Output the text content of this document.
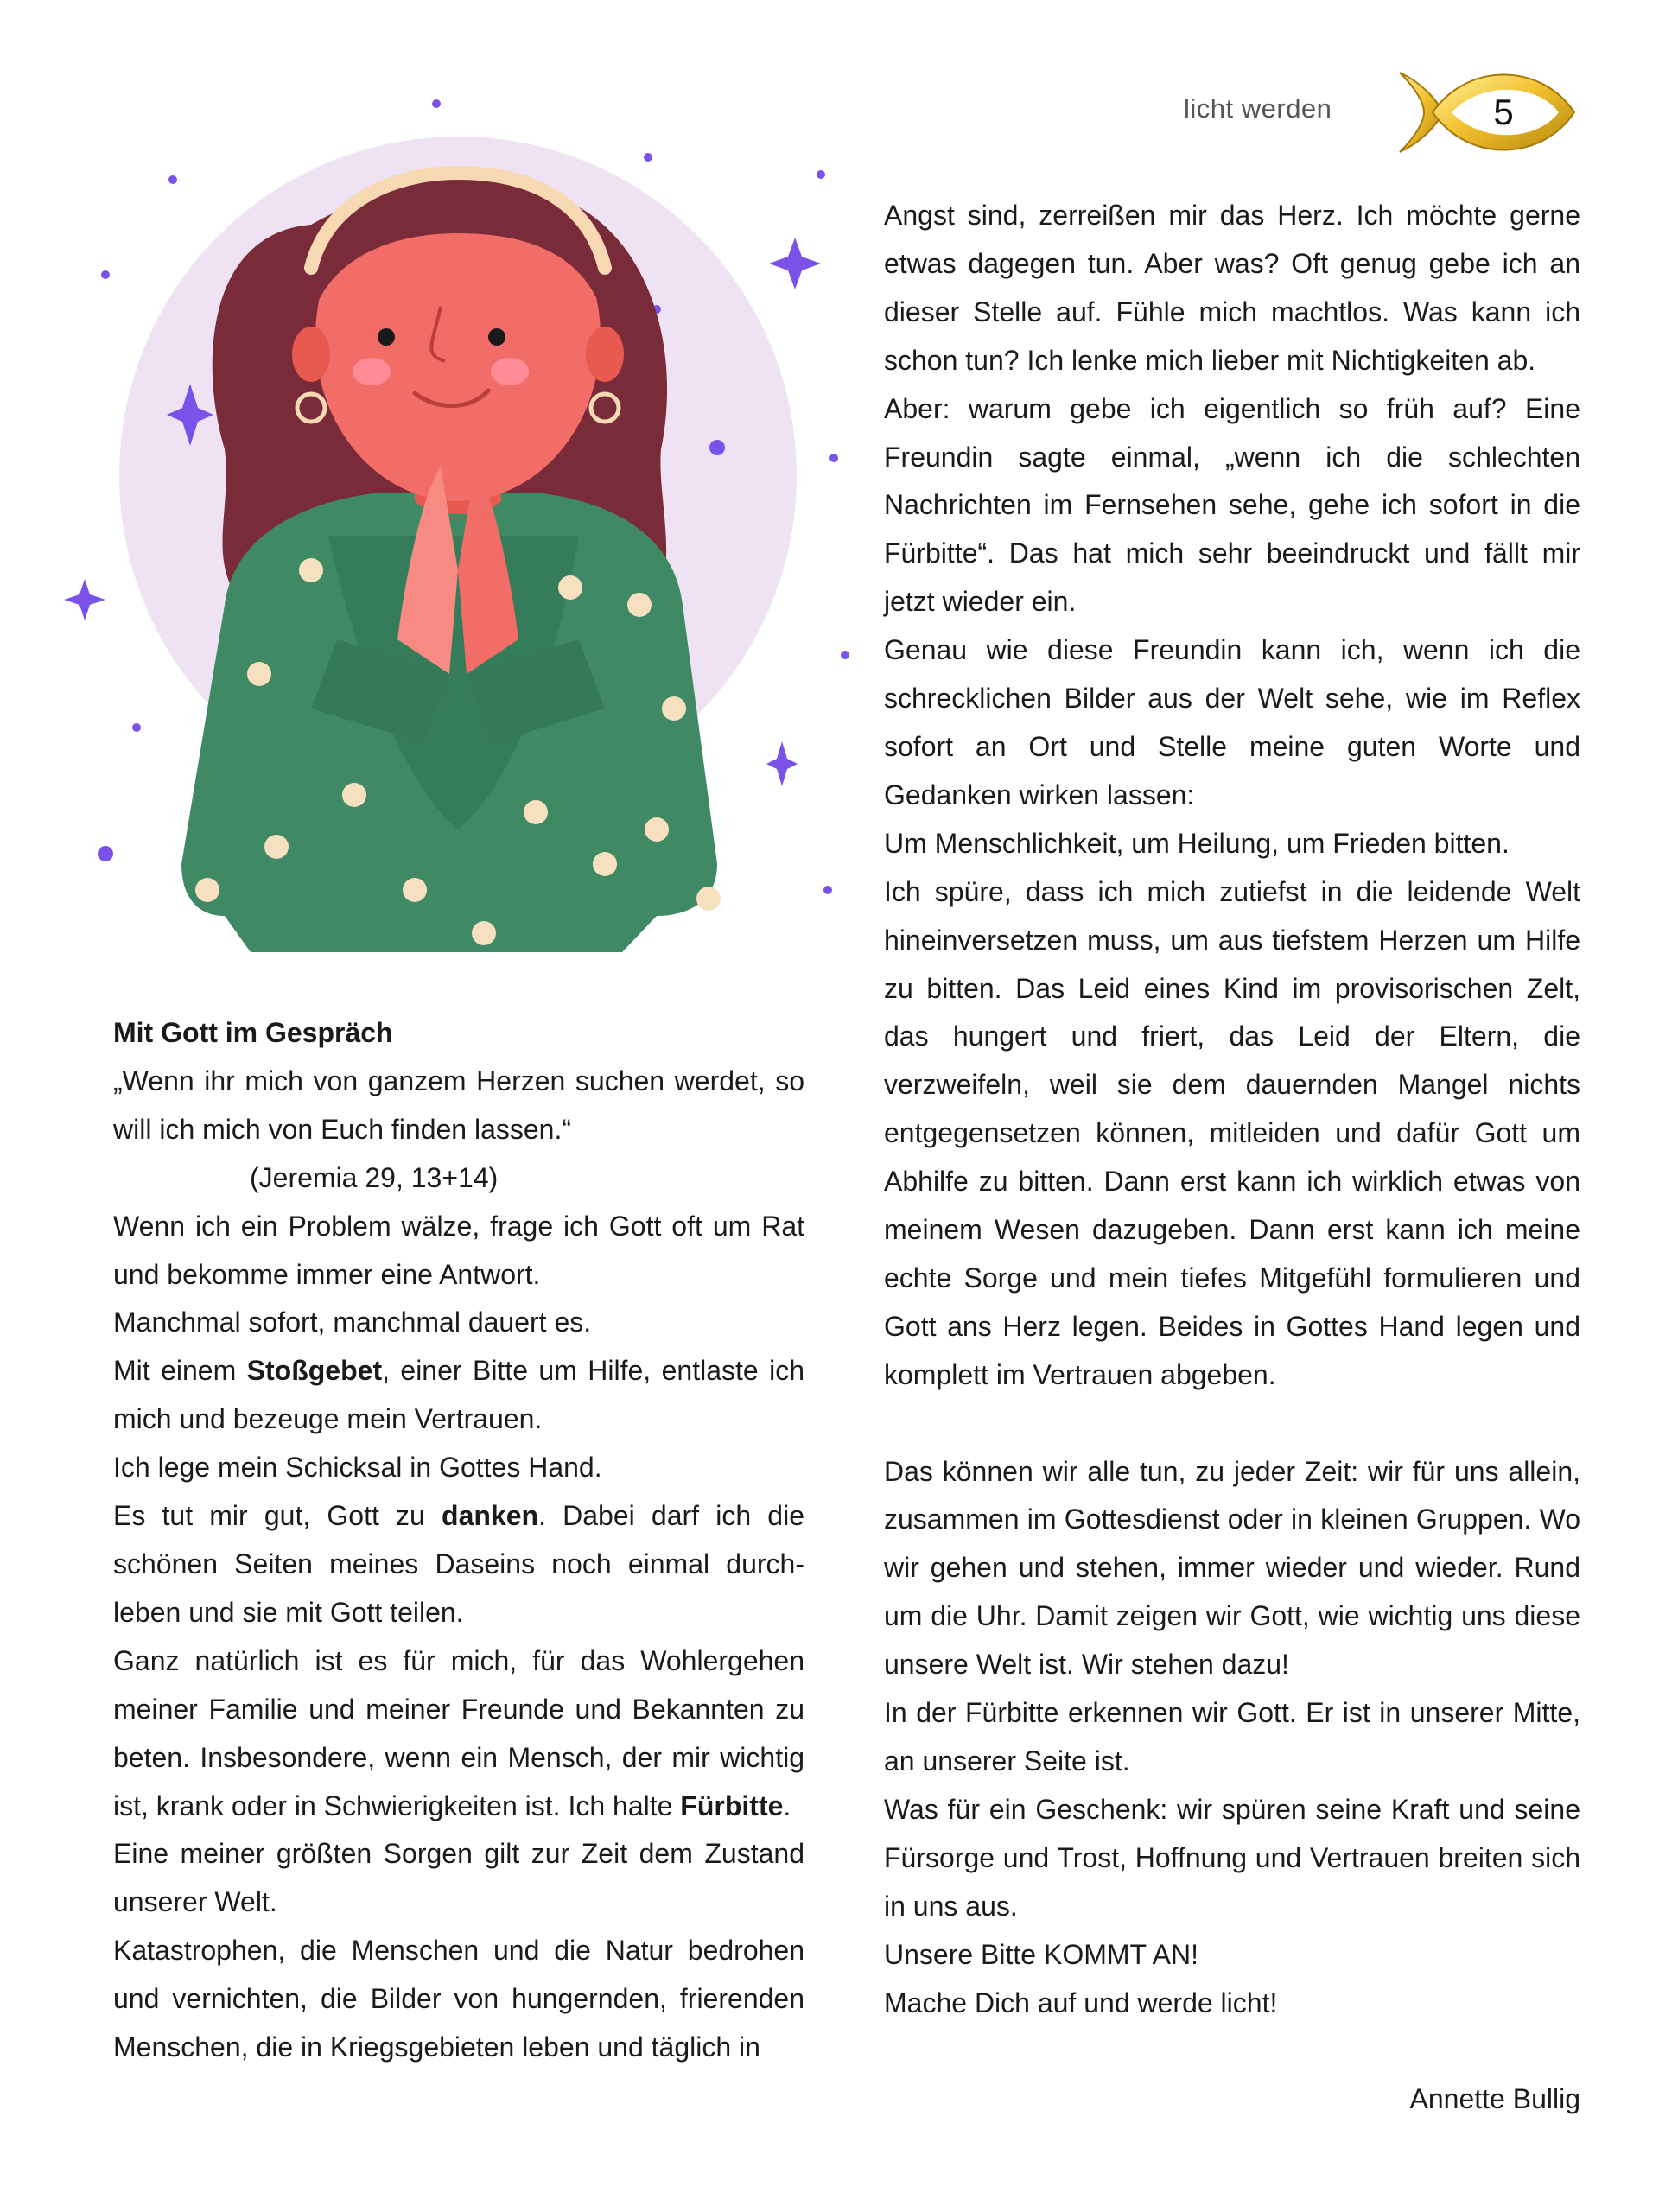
licht werden	5

Mit Gott im Gespräch

„Wenn ihr mich von ganzem Herzen suchen werdet, so will ich mich von Euch finden lassen.“

(Jeremia 29, 13+14)

Wenn ich ein Problem wälze, frage ich Gott oft um Rat und bekomme immer eine Antwort.

Manchmal sofort, manchmal dauert es.

Mit einem Stoßgebet, einer Bitte um Hilfe, entlaste ich mich und bezeuge mein Vertrauen.

Ich lege mein Schicksal in Gottes Hand.

Es tut mir gut, Gott zu danken. Dabei darf ich die schönen Seiten meines Daseins noch einmal durch-leben und sie mit Gott teilen.

Ganz natürlich ist es für mich, für das Wohlergehen meiner Familie und meiner Freunde und Bekannten zu beten. Insbesondere, wenn ein Mensch, der mir wichtig ist, krank oder in Schwierigkeiten ist. Ich halte Fürbitte.

Eine meiner größten Sorgen gilt zur Zeit dem Zustand unserer Welt.

Katastrophen, die Menschen und die Natur bedrohen und vernichten, die Bilder von hungernden, frierenden Menschen, die in Kriegsgebieten leben und täglich in

Angst sind, zerreißen mir das Herz. Ich möchte gerne etwas dagegen tun. Aber was? Oft genug gebe ich an dieser Stelle auf. Fühle mich machtlos. Was kann ich schon tun? Ich lenke mich lieber mit Nichtigkeiten ab.

Aber: warum gebe ich eigentlich so früh auf? Eine Freundin sagte einmal, „wenn ich die schlechten Nachrichten im Fernsehen sehe, gehe ich sofort in die Fürbitte“. Das hat mich sehr beeindruckt und fällt mir jetzt wieder ein.

Genau wie diese Freundin kann ich, wenn ich die schrecklichen Bilder aus der Welt sehe, wie im Reflex sofort an Ort und Stelle meine guten Worte und Gedanken wirken lassen:

Um Menschlichkeit, um Heilung, um Frieden bitten.

Ich spüre, dass ich mich zutiefst in die leidende Welt hineinversetzen muss, um aus tiefstem Herzen um Hilfe zu bitten. Das Leid eines Kind im provisorischen Zelt, das hungert und friert, das Leid der Eltern, die verzweifeln, weil sie dem dauernden Mangel nichts entgegensetzen können, mitleiden und dafür Gott um Abhilfe zu bitten. Dann erst kann ich wirklich etwas von meinem Wesen dazugeben. Dann erst kann ich meine echte Sorge und mein tiefes Mitgefühl formulieren und Gott ans Herz legen. Beides in Gottes Hand legen und komplett im Vertrauen abgeben.

Das können wir alle tun, zu jeder Zeit: wir für uns allein, zusammen im Gottesdienst oder in kleinen Gruppen. Wo wir gehen und stehen, immer wieder und wieder. Rund um die Uhr. Damit zeigen wir Gott, wie wichtig uns diese unsere Welt ist. Wir stehen dazu!

In der Fürbitte erkennen wir Gott. Er ist in unserer Mitte, an unserer Seite ist.

Was für ein Geschenk: wir spüren seine Kraft und seine Fürsorge und Trost, Hoffnung und Vertrauen breiten sich in uns aus.

Unsere Bitte KOMMT AN!

Mache Dich auf und werde licht!

Annette Bullig
